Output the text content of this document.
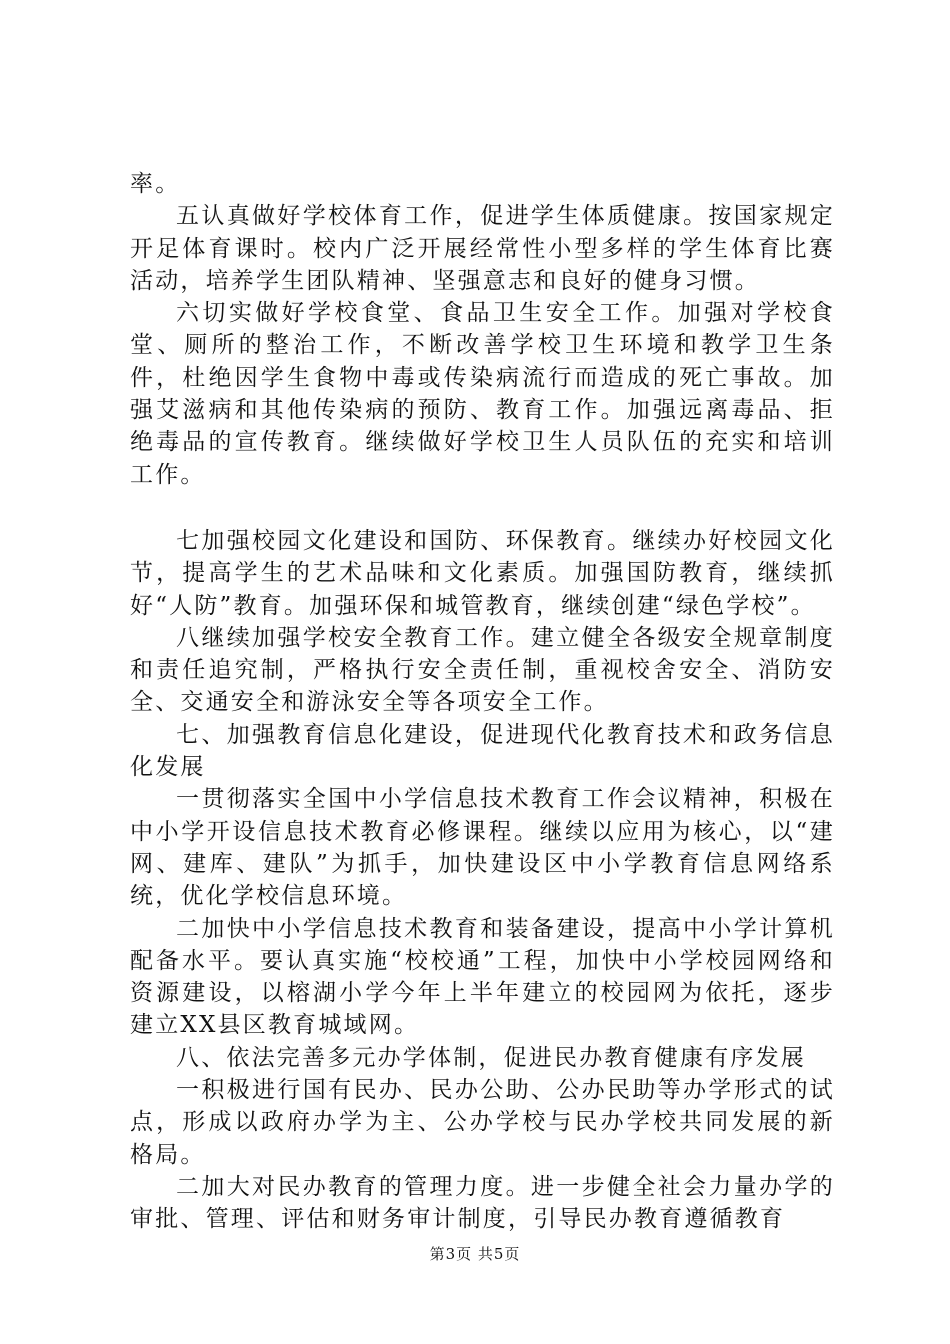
率。

五认真做好学校体育工作，促进学生体质健康。按国家规定开足体育课时。校内广泛开展经常性小型多样的学生体育比赛活动，培养学生团队精神、坚强意志和良好的健身习惯。

六切实做好学校食堂、食品卫生安全工作。加强对学校食堂、厕所的整治工作，不断改善学校卫生环境和教学卫生条件，杜绝因学生食物中毒或传染病流行而造成的死亡事故。加强艾滋病和其他传染病的预防、教育工作。加强远离毒品、拒绝毒品的宣传教育。继续做好学校卫生人员队伍的充实和培训工作。

七加强校园文化建设和国防、环保教育。继续办好校园文化节，提高学生的艺术品味和文化素质。加强国防教育，继续抓好“人防”教育。加强环保和城管教育，继续创建“绿色学校”。

八继续加强学校安全教育工作。建立健全各级安全规章制度和责任追究制，严格执行安全责任制，重视校舍安全、消防安全、交通安全和游泳安全等各项安全工作。

七、加强教育信息化建设，促进现代化教育技术和政务信息化发展

一贯彻落实全国中小学信息技术教育工作会议精神，积极在中小学开设信息技术教育必修课程。继续以应用为核心，以“建网、建库、建队”为抓手，加快建设区中小学教育信息网络系统，优化学校信息环境。

二加快中小学信息技术教育和装备建设，提高中小学计算机配备水平。要认真实施“校校通”工程，加快中小学校园网络和资源建设，以榕湖小学今年上半年建立的校园网为依托，逐步建立XX县区教育城域网。

八、依法完善多元办学体制，促进民办教育健康有序发展

一积极进行国有民办、民办公助、公办民助等办学形式的试点，形成以政府办学为主、公办学校与民办学校共同发展的新格局。

二加大对民办教育的管理力度。进一步健全社会力量办学的审批、管理、评估和财务审计制度，引导民办教育遵循教育

第3页 共5页
